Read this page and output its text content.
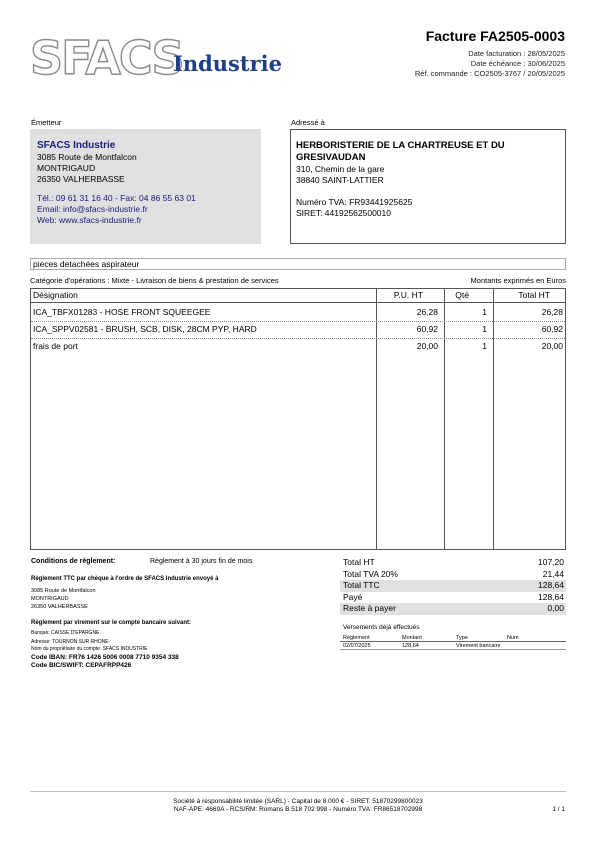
SFACS
Industrie
Facture FA2505-0003
Date facturation : 28/05/2025
Date échéance : 30/06/2025
Réf. commande : CO2505-3767 / 20/05/2025
Émetteur
SFACS Industrie
3085 Route de Montfalcon
MONTRIGAUD
26350 VALHERBASSE
Tél.: 09 61 31 16 40 - Fax: 04 86 55 63 01
Email: info@sfacs-industrie.fr
Web: www.sfacs-industrie.fr
Adressé à
HERBORISTERIE DE LA CHARTREUSE ET DU
GRESIVAUDAN
310, Chemin de la gare
38840 SAINT-LATTIER
Numéro TVA: FR93441925625
SIRET: 44192562500010
pieces detachées aspirateur
Catégorie d'opérations : Mixte - Livraison de biens & prestation de services	Montants exprimés en Euros
Désignation	P.U. HT	Qté	Total HT
ICA_TBFX01283 - HOSE FRONT SQUEEGEE	26,28	1	26,28
ICA_SPPV02581 - BRUSH, SCB, DISK, 28CM PYP, HARD	60,92	1	60,92
frais de port	20,00	1	20,00
Conditions de règlement:	Règlement à 30 jours fin de mois
Règlement TTC par chèque à l'ordre de SFACS Industrie envoyé à
3085 Route de Montfalcon
MONTRIGAUD
26350 VALHERBASSE
Règlement par virement sur le compte bancaire suivant:
Banque: CAISSE D'EPARGNE
Adresse: TOURNON SUR RHONE
Nom du propriétaire du compte: SFACS INDUSTRIE
Code IBAN: FR76 1426 5006 0008 7710 9354 338
Code BIC/SWIFT: CEPAFRPP426
Total HT	107,20
Total TVA 20%	21,44
Total TTC	128,64
Payé	128,64
Reste à payer	0,00
Versements déjà effectués
Règlement	Montant	Type	Num
02/07/2025	128,64	Virement bancaire
Société à responsabilité limitée (SARL) - Capital de 8 000 € - SIRET: 51870299800023
NAF-APE: 4669A - RCS/RM: Romans B 518 702 998 - Numéro TVA: FR86518702998	1 / 1
